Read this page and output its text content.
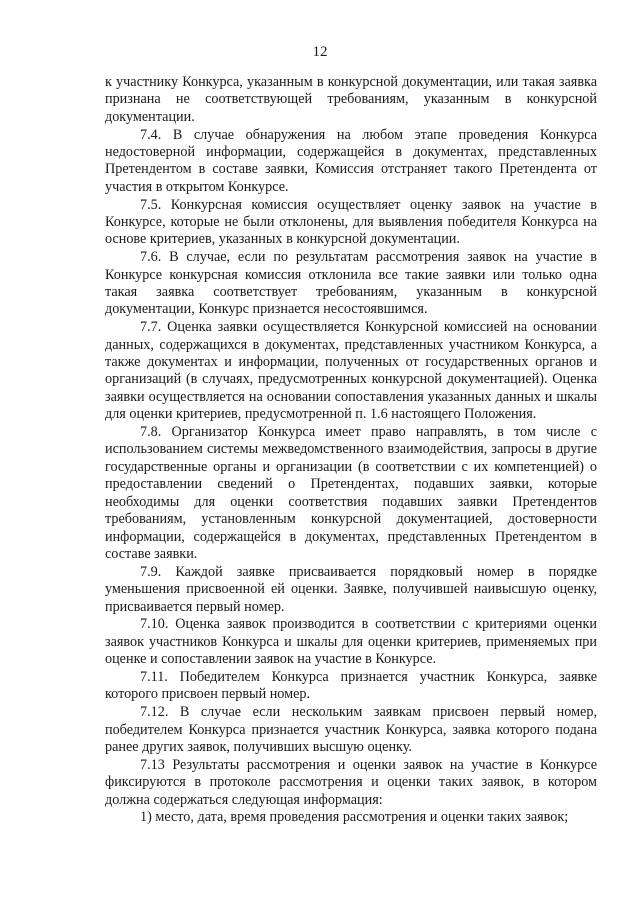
12

к участнику Конкурса, указанным в конкурсной документации, или такая заявка признана не соответствующей требованиям, указанным в конкурсной документации.

7.4. В случае обнаружения на любом этапе проведения Конкурса недостоверной информации, содержащейся в документах, представленных Претендентом в составе заявки, Комиссия отстраняет такого Претендента от участия в открытом Конкурсе.

7.5. Конкурсная комиссия осуществляет оценку заявок на участие в Конкурсе, которые не были отклонены, для выявления победителя Конкурса на основе критериев, указанных в конкурсной документации.

7.6. В случае, если по результатам рассмотрения заявок на участие в Конкурсе конкурсная комиссия отклонила все такие заявки или только одна такая заявка соответствует требованиям, указанным в конкурсной документации, Конкурс признается несостоявшимся.

7.7. Оценка заявки осуществляется Конкурсной комиссией на основании данных, содержащихся в документах, представленных участником Конкурса, а также документах и информации, полученных от государственных органов и организаций (в случаях, предусмотренных конкурсной документацией). Оценка заявки осуществляется на основании сопоставления указанных данных и шкалы для оценки критериев, предусмотренной п. 1.6 настоящего Положения.

7.8. Организатор Конкурса имеет право направлять, в том числе с использованием системы межведомственного взаимодействия, запросы в другие государственные органы и организации (в соответствии с их компетенцией) о предоставлении сведений о Претендентах, подавших заявки, которые необходимы для оценки соответствия подавших заявки Претендентов требованиям, установленным конкурсной документацией, достоверности информации, содержащейся в документах, представленных Претендентом в составе заявки.

7.9. Каждой заявке присваивается порядковый номер в порядке уменьшения присвоенной ей оценки. Заявке, получившей наивысшую оценку, присваивается первый номер.

7.10. Оценка заявок производится в соответствии с критериями оценки заявок участников Конкурса и шкалы для оценки критериев, применяемых при оценке и сопоставлении заявок на участие в Конкурсе.

7.11. Победителем Конкурса признается участник Конкурса, заявке которого присвоен первый номер.

7.12. В случае если нескольким заявкам присвоен первый номер, победителем Конкурса признается участник Конкурса, заявка которого подана ранее других заявок, получивших высшую оценку.

7.13 Результаты рассмотрения и оценки заявок на участие в Конкурсе фиксируются в протоколе рассмотрения и оценки таких заявок, в котором должна содержаться следующая информация:

1) место, дата, время проведения рассмотрения и оценки таких заявок;
